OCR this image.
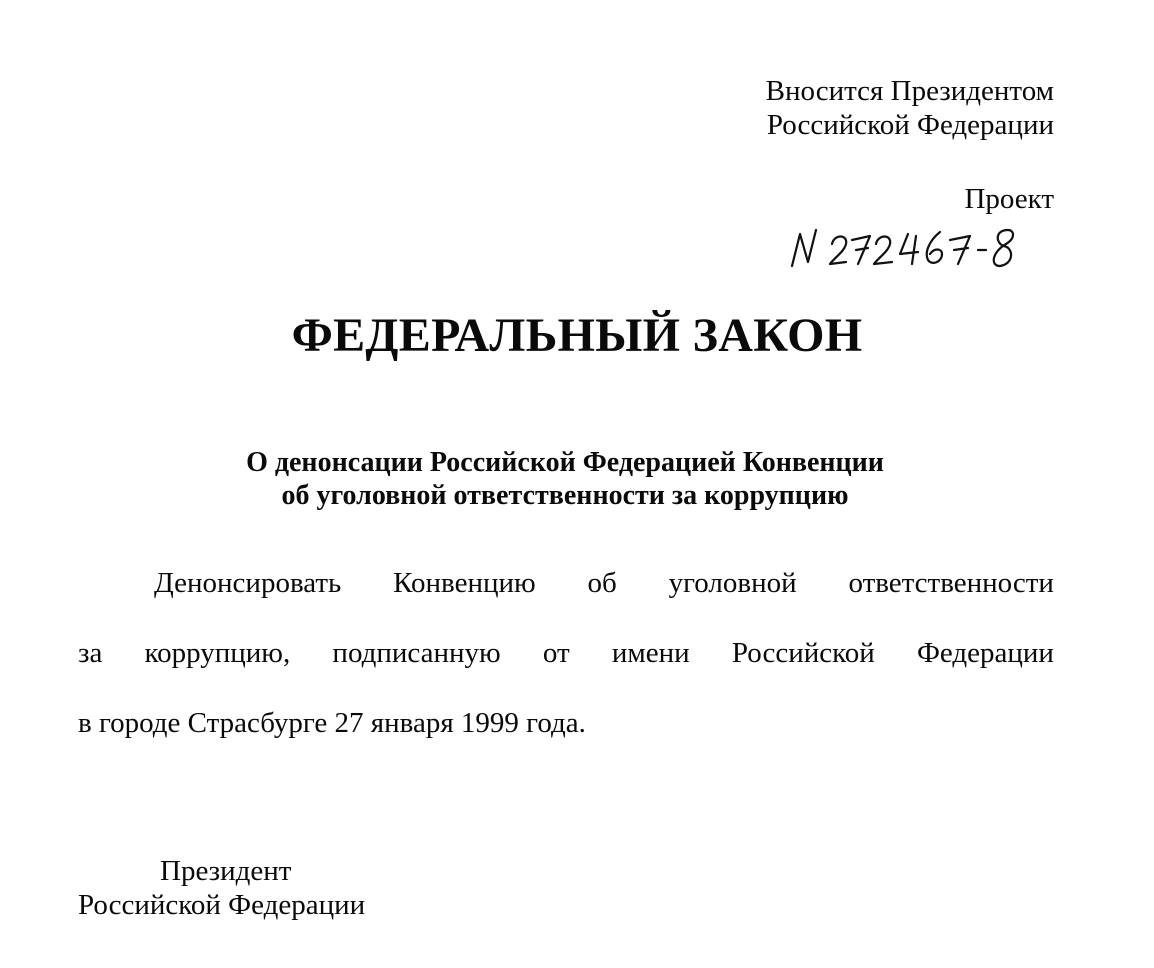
Вносится Президентом
Российской Федерации
Проект
ФЕДЕРАЛЬНЫЙ ЗАКОН
О денонсации Российской Федерацией Конвенции
об уголовной ответственности за коррупцию
Денонсировать Конвенцию об уголовной ответственности
за коррупцию, подписанную от имени Российской Федерации
в городе Страсбурге 27 января 1999 года.
Президент
Российской Федерации
